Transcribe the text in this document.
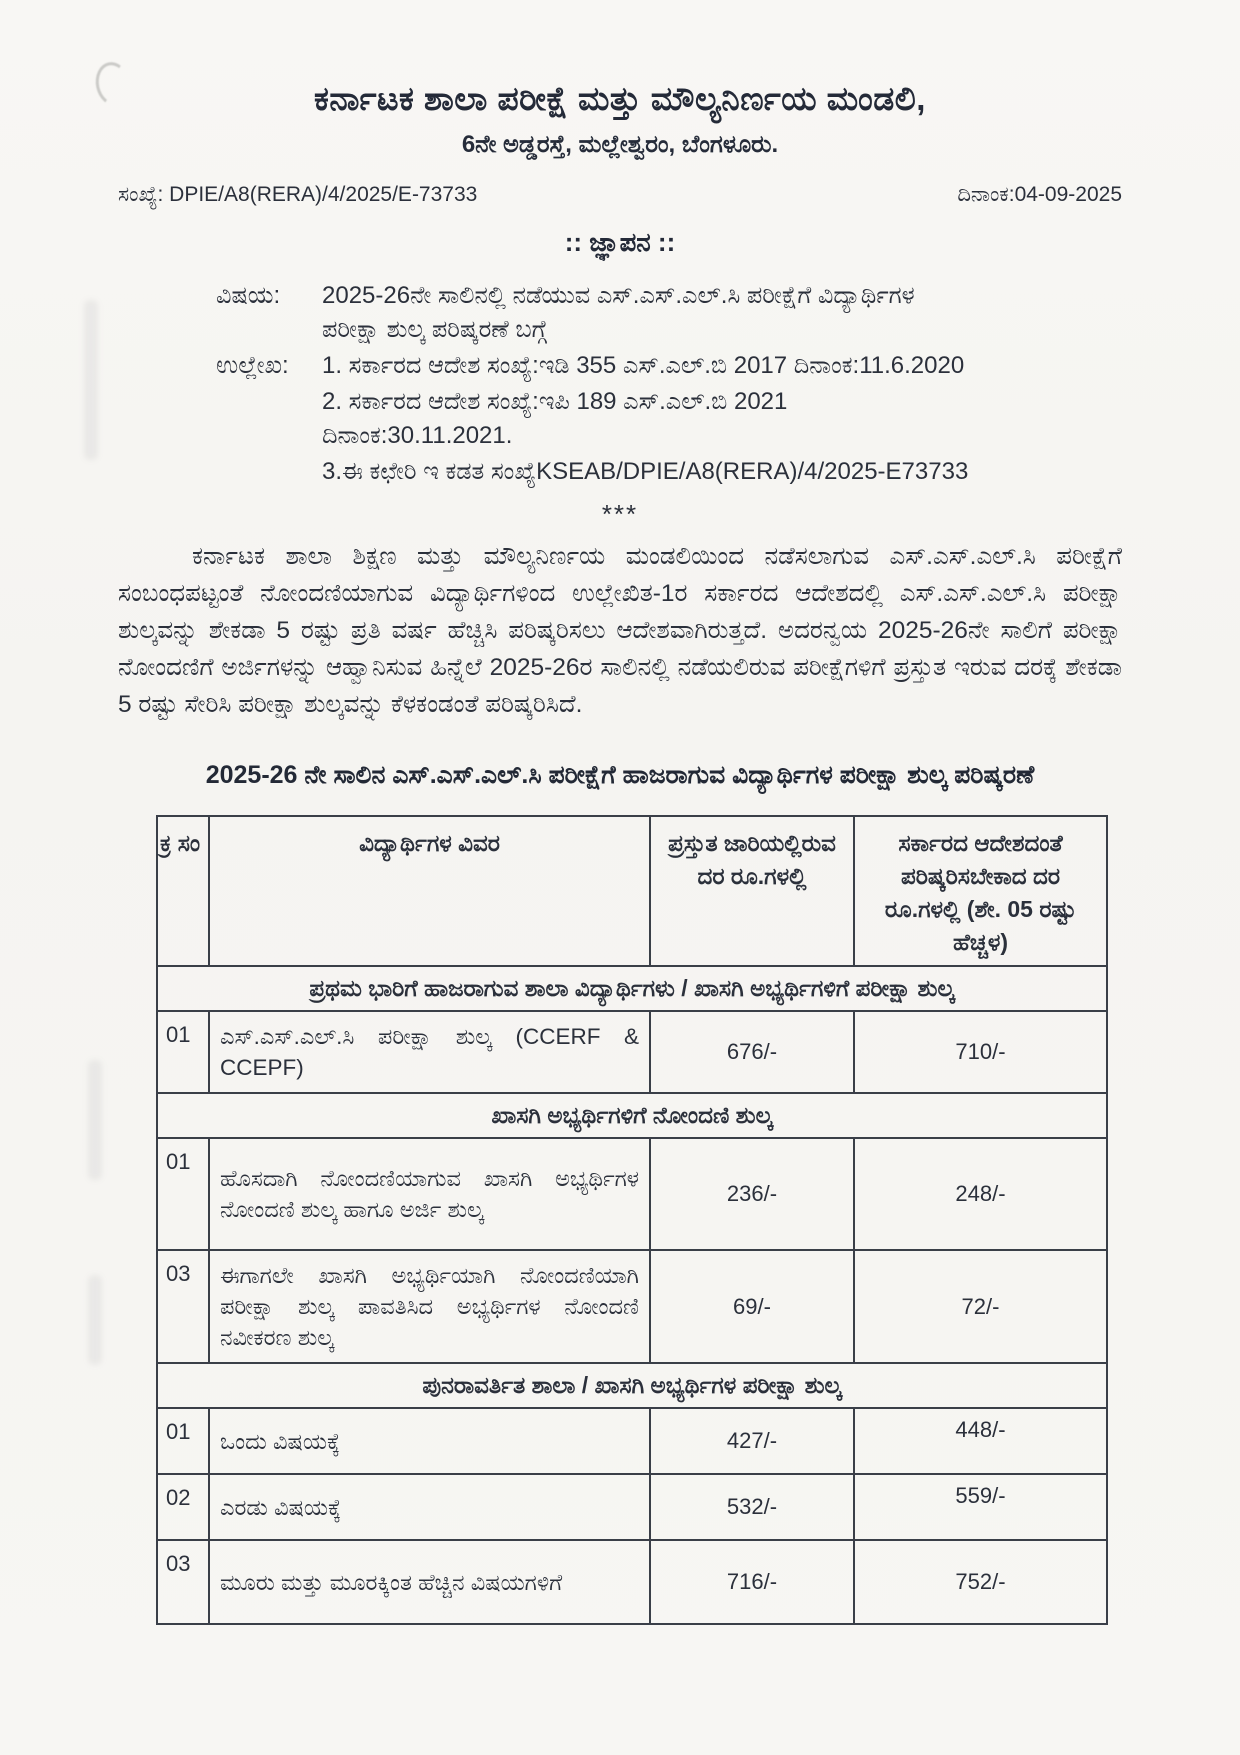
ಕರ್ನಾಟಕ ಶಾಲಾ ಪರೀಕ್ಷೆ ಮತ್ತು ಮೌಲ್ಯನಿರ್ಣಯ ಮಂಡಲಿ,
6ನೇ ಅಡ್ಡರಸ್ತೆ, ಮಲ್ಲೇಶ್ವರಂ, ಬೆಂಗಳೂರು.
ಸಂಖ್ಯೆ: DPIE/A8(RERA)/4/2025/E-73733	ದಿನಾಂಕ:04-09-2025
:: ಜ್ಞಾಪನ ::
ವಿಷಯ:	2025-26ನೇ ಸಾಲಿನಲ್ಲಿ ನಡೆಯುವ ಎಸ್.ಎಸ್.ಎಲ್.ಸಿ ಪರೀಕ್ಷೆಗೆ ವಿದ್ಯಾರ್ಥಿಗಳ ಪರೀಕ್ಷಾ ಶುಲ್ಕ ಪರಿಷ್ಕರಣೆ ಬಗ್ಗೆ
ಉಲ್ಲೇಖ:	1. ಸರ್ಕಾರದ ಆದೇಶ ಸಂಖ್ಯೆ:ಇಡಿ 355 ಎಸ್.ಎಲ್.ಬಿ 2017 ದಿನಾಂಕ:11.6.2020
2. ಸರ್ಕಾರದ ಆದೇಶ ಸಂಖ್ಯೆ:ಇಪಿ 189 ಎಸ್.ಎಲ್.ಬಿ 2021 ದಿನಾಂಕ:30.11.2021.
3.ಈ ಕಛೇರಿ ಇ ಕಡತ ಸಂಖ್ಯೆKSEAB/DPIE/A8(RERA)/4/2025-E73733
***
ಕರ್ನಾಟಕ ಶಾಲಾ ಶಿಕ್ಷಣ ಮತ್ತು ಮೌಲ್ಯನಿರ್ಣಯ ಮಂಡಲಿಯಿಂದ ನಡೆಸಲಾಗುವ ಎಸ್.ಎಸ್.ಎಲ್.ಸಿ ಪರೀಕ್ಷೆಗೆ ಸಂಬಂಧಪಟ್ಟಂತೆ ನೋಂದಣಿಯಾಗುವ ವಿದ್ಯಾರ್ಥಿಗಳಿಂದ ಉಲ್ಲೇಖಿತ-1ರ ಸರ್ಕಾರದ ಆದೇಶದಲ್ಲಿ ಎಸ್.ಎಸ್.ಎಲ್.ಸಿ ಪರೀಕ್ಷಾ ಶುಲ್ಕವನ್ನು ಶೇಕಡಾ 5 ರಷ್ಟು ಪ್ರತಿ ವರ್ಷ ಹೆಚ್ಚಿಸಿ ಪರಿಷ್ಕರಿಸಲು ಆದೇಶವಾಗಿರುತ್ತದೆ. ಅದರನ್ವಯ 2025-26ನೇ ಸಾಲಿಗೆ ಪರೀಕ್ಷಾ ನೋಂದಣಿಗೆ ಅರ್ಜಿಗಳನ್ನು ಆಹ್ವಾನಿಸುವ ಹಿನ್ನೆಲೆ 2025-26ರ ಸಾಲಿನಲ್ಲಿ ನಡೆಯಲಿರುವ ಪರೀಕ್ಷೆಗಳಿಗೆ ಪ್ರಸ್ತುತ ಇರುವ ದರಕ್ಕೆ ಶೇಕಡಾ 5 ರಷ್ಟು ಸೇರಿಸಿ ಪರೀಕ್ಷಾ ಶುಲ್ಕವನ್ನು ಕೆಳಕಂಡಂತೆ ಪರಿಷ್ಕರಿಸಿದೆ.
2025-26 ನೇ ಸಾಲಿನ ಎಸ್.ಎಸ್.ಎಲ್.ಸಿ ಪರೀಕ್ಷೆಗೆ ಹಾಜರಾಗುವ ವಿದ್ಯಾರ್ಥಿಗಳ ಪರೀಕ್ಷಾ ಶುಲ್ಕ ಪರಿಷ್ಕರಣೆ
ಕ್ರ ಸಂ	ವಿದ್ಯಾರ್ಥಿಗಳ ವಿವರ	ಪ್ರಸ್ತುತ ಜಾರಿಯಲ್ಲಿರುವ ದರ ರೂ.ಗಳಲ್ಲಿ	ಸರ್ಕಾರದ ಆದೇಶದಂತೆ ಪರಿಷ್ಕರಿಸಬೇಕಾದ ದರ ರೂ.ಗಳಲ್ಲಿ (ಶೇ. 05 ರಷ್ಟು ಹೆಚ್ಚಳ)
ಪ್ರಥಮ ಭಾರಿಗೆ ಹಾಜರಾಗುವ ಶಾಲಾ ವಿದ್ಯಾರ್ಥಿಗಳು / ಖಾಸಗಿ ಅಭ್ಯರ್ಥಿಗಳಿಗೆ ಪರೀಕ್ಷಾ ಶುಲ್ಕ			
01	ಎಸ್.ಎಸ್.ಎಲ್.ಸಿ ಪರೀಕ್ಷಾ ಶುಲ್ಕ (CCERF & CCEPF)	676/-	710/-
ಖಾಸಗಿ ಅಭ್ಯರ್ಥಿಗಳಿಗೆ ನೋಂದಣಿ ಶುಲ್ಕ			
01	ಹೊಸದಾಗಿ ನೋಂದಣಿಯಾಗುವ ಖಾಸಗಿ ಅಭ್ಯರ್ಥಿಗಳ ನೋಂದಣಿ ಶುಲ್ಕ ಹಾಗೂ ಅರ್ಜಿ ಶುಲ್ಕ	236/-	248/-
03	ಈಗಾಗಲೇ ಖಾಸಗಿ ಅಭ್ಯರ್ಥಿಯಾಗಿ ನೋಂದಣಿಯಾಗಿ ಪರೀಕ್ಷಾ ಶುಲ್ಕ ಪಾವತಿಸಿದ ಅಭ್ಯರ್ಥಿಗಳ ನೋಂದಣಿ ನವೀಕರಣ ಶುಲ್ಕ	69/-	72/-
ಪುನರಾವರ್ತಿತ ಶಾಲಾ / ಖಾಸಗಿ ಅಭ್ಯರ್ಥಿಗಳ ಪರೀಕ್ಷಾ ಶುಲ್ಕ			
01	ಒಂದು ವಿಷಯಕ್ಕೆ	427/-	448/-
02	ಎರಡು ವಿಷಯಕ್ಕೆ	532/-	559/-
03	ಮೂರು ಮತ್ತು ಮೂರಕ್ಕಿಂತ ಹೆಚ್ಚಿನ ವಿಷಯಗಳಿಗೆ	716/-	752/-
